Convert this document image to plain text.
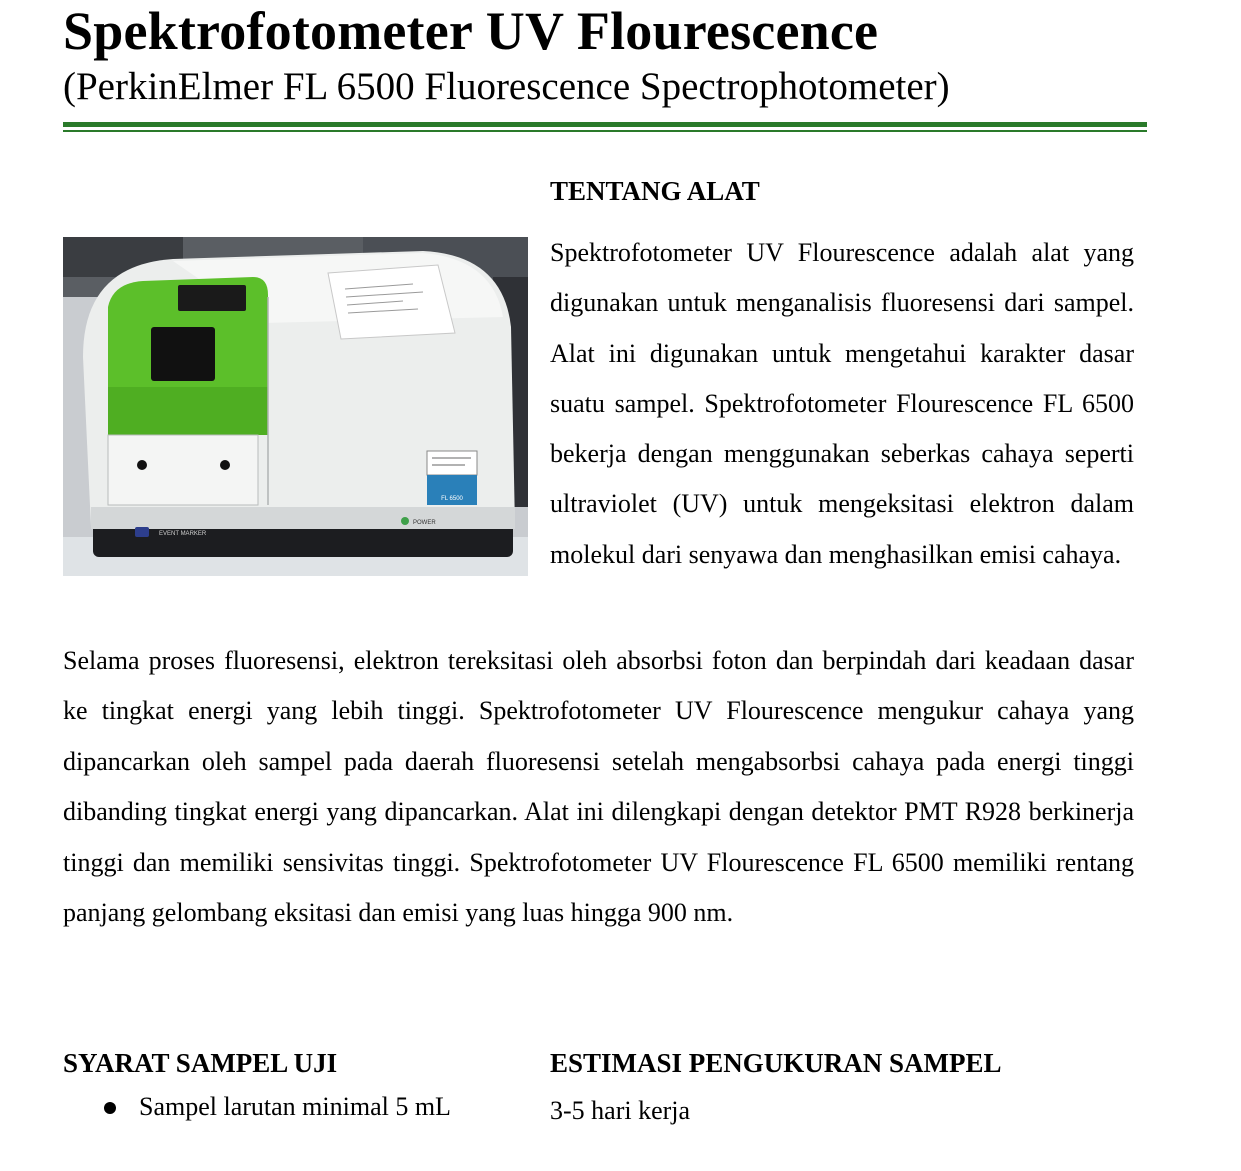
Spektrofotometer UV Flourescence
(PerkinElmer FL 6500 Fluorescence Spectrophotometer)
TENTANG ALAT
FL 6500
EVENT MARKER
POWER

Spektrofotometer UV Flourescence adalah alat yang digunakan untuk menganalisis fluoresensi dari sampel. Alat ini digunakan untuk mengetahui karakter dasar suatu sampel. Spektrofotometer Flourescence FL 6500 bekerja dengan menggunakan seberkas cahaya seperti ultraviolet (UV) untuk mengeksitasi elektron dalam molekul dari senyawa dan menghasilkan emisi cahaya.

Selama proses fluoresensi, elektron tereksitasi oleh absorbsi foton dan berpindah dari keadaan dasar ke tingkat energi yang lebih tinggi. Spektrofotometer UV Flourescence mengukur cahaya yang dipancarkan oleh sampel pada daerah fluoresensi setelah mengabsorbsi cahaya pada energi tinggi dibanding tingkat energi yang dipancarkan. Alat ini dilengkapi dengan detektor PMT R928 berkinerja tinggi dan memiliki sensivitas tinggi. Spektrofotometer UV Flourescence FL 6500 memiliki rentang panjang gelombang eksitasi dan emisi yang luas hingga 900 nm.

SYARAT SAMPEL UJI
Sampel larutan minimal 5 mL
ESTIMASI PENGUKURAN SAMPEL

3-5 hari kerja
